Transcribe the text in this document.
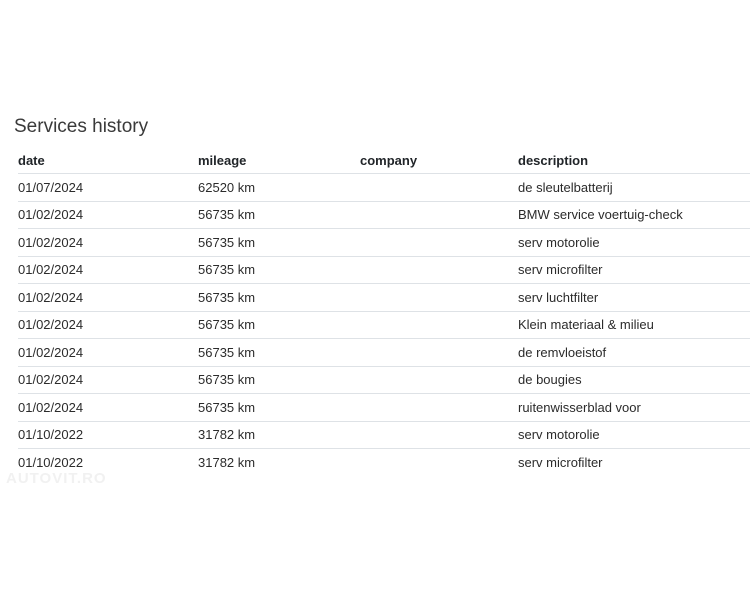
Services history
date	mileage	company	description
01/07/2024	62520 km		de sleutelbatterij
01/02/2024	56735 km		BMW service voertuig-check
01/02/2024	56735 km		serv motorolie
01/02/2024	56735 km		serv microfilter
01/02/2024	56735 km		serv luchtfilter
01/02/2024	56735 km		Klein materiaal & milieu
01/02/2024	56735 km		de remvloeistof
01/02/2024	56735 km		de bougies
01/02/2024	56735 km		ruitenwisserblad voor
01/10/2022	31782 km		serv motorolie
01/10/2022	31782 km		serv microfilter
AUTOVIT.RO
